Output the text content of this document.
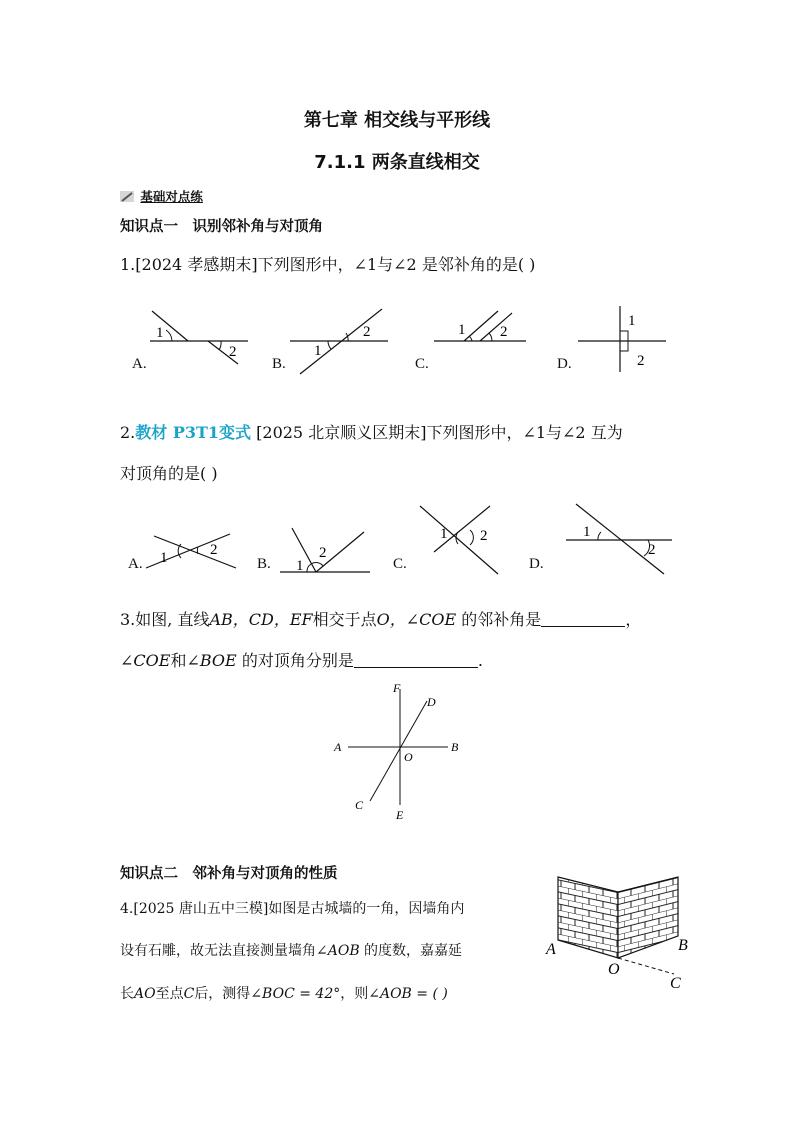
第七章 相交线与平形线
7.1.1 两条直线相交
基础对点练
知识点一　识别邻补角与对顶角
1.[2024 孝感期末]下列图形中，∠1与∠2 是邻补角的是( )
1
2
2
1
1 2
1
2
A.	B.	C.	D.
2.教材 P3T1变式 [2025 北京顺义区期末]下列图形中，∠1与∠2 互为
对顶角的是( )
1	2
1
2
1 2	1
2
A.	B.	C.	D.
3.如图, 直线AB，CD，EF相交于点O，∠COE 的邻补角是	，
∠COE和∠BOE 的对顶角分别是	.
F
D
A	B
O
C
E
知识点二　邻补角与对顶角的性质
4.[2025 唐山五中三模]如图是古城墙的一角，因墙角内
设有石雕，故无法直接测量墙角∠AOB 的度数，嘉嘉延
长AO至点C后，测得∠BOC = 42°，则∠AOB = ( )
A	B
O
C
